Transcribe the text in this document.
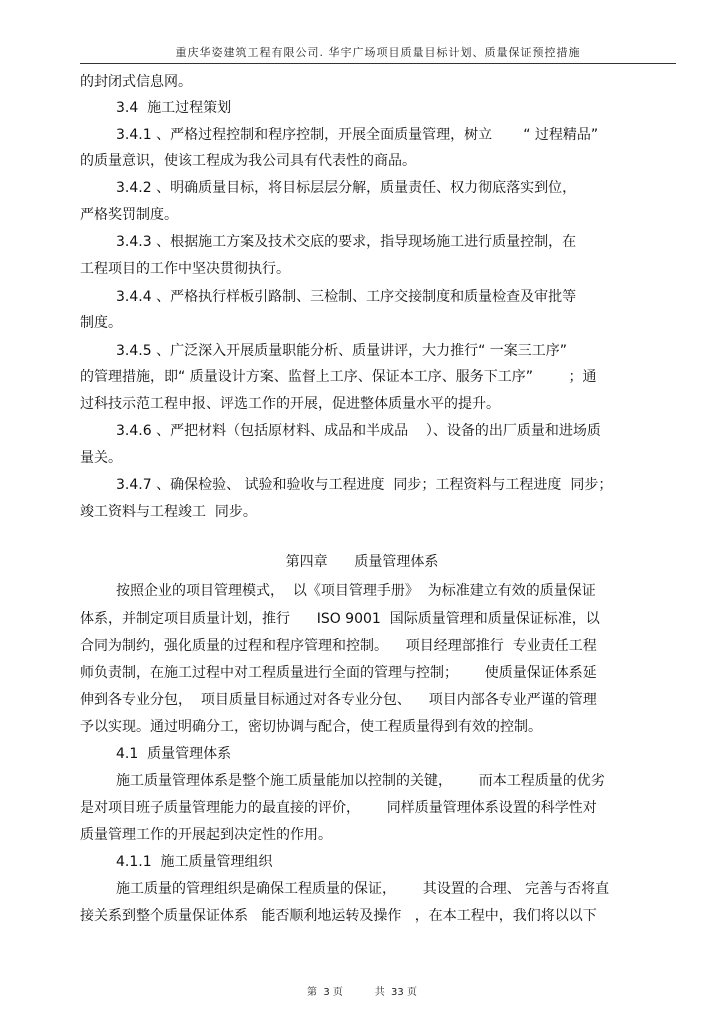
重庆华姿建筑工程有限公司. 华宇广场项目质量目标计划、质量保证预控措施
的封闭式信息网。
3.4  施工过程策划
3.4.1 、严格过程控制和程序控制，开展全面质量管理，树立       “ 过程精品”
的质量意识，使该工程成为我公司具有代表性的商品。
3.4.2 、明确质量目标，将目标层层分解，质量责任、权力彻底落实到位，
严格奖罚制度。
3.4.3 、根据施工方案及技术交底的要求，指导现场施工进行质量控制，在
工程项目的工作中坚决贯彻执行。
3.4.4 、严格执行样板引路制、三检制、工序交接制度和质量检查及审批等
制度。
3.4.5 、广泛深入开展质量职能分析、质量讲评，大力推行“ 一案三工序”
的管理措施，即“ 质量设计方案、监督上工序、保证本工序、服务下工序”        ；通
过科技示范工程申报、评选工作的开展，促进整体质量水平的提升。
3.4.6 、严把材料（包括原材料、成品和半成品    ）、设备的出厂质量和进场质
量关。
3.4.7 、确保检验、 试验和验收与工程进度  同步；工程资料与工程进度  同步；
竣工资料与工程竣工  同步。
第四章      质量管理体系
按照企业的项目管理模式，  以《项目管理手册》  为标准建立有效的质量保证
体系，并制定项目质量计划，推行      ISO 9001  国际质量管理和质量保证标准，以
合同为制约，强化质量的过程和程序管理和控制。    项目经理部推行  专业责任工程
师负责制，在施工过程中对工程质量进行全面的管理与控制；      使质量保证体系延
伸到各专业分包，  项目质量目标通过对各专业分包、    项目内部各专业严谨的管理
予以实现。通过明确分工，密切协调与配合，使工程质量得到有效的控制。
4.1  质量管理体系
施工质量管理体系是整个施工质量能加以控制的关键，      而本工程质量的优劣
是对项目班子质量管理能力的最直接的评价，      同样质量管理体系设置的科学性对
质量管理工作的开展起到决定性的作用。
4.1.1  施工质量管理组织
施工质量的管理组织是确保工程质量的保证，      其设置的合理、 完善与否将直
接关系到整个质量保证体系   能否顺利地运转及操作   ，在本工程中，我们将以以下
第  3 页          共  33 页
